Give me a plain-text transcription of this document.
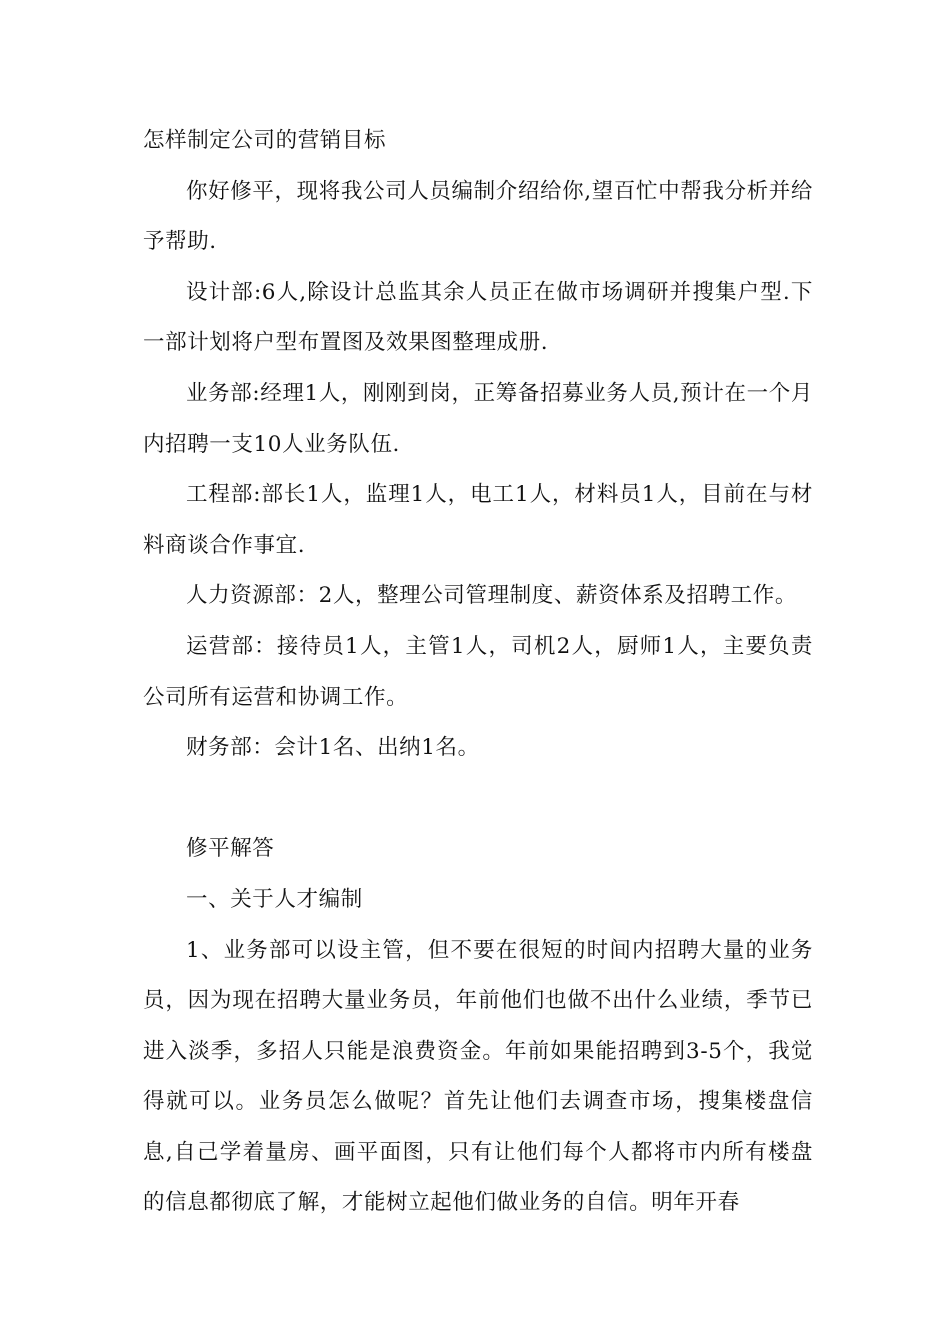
怎样制定公司的营销目标

你好修平，现将我公司人员编制介绍给你,望百忙中帮我分析并给予帮助.

设计部:6人,除设计总监其余人员正在做市场调研并搜集户型.下一部计划将户型布置图及效果图整理成册.

业务部:经理1人，刚刚到岗，正筹备招募业务人员,预计在一个月内招聘一支10人业务队伍.

工程部:部长1人，监理1人，电工1人，材料员1人，目前在与材料商谈合作事宜.

人力资源部：2人，整理公司管理制度、薪资体系及招聘工作。

运营部：接待员1人，主管1人，司机2人，厨师1人，主要负责公司所有运营和协调工作。

财务部：会计1名、出纳1名。

修平解答

一、关于人才编制

1、业务部可以设主管，但不要在很短的时间内招聘大量的业务员，因为现在招聘大量业务员，年前他们也做不出什么业绩，季节已进入淡季，多招人只能是浪费资金。年前如果能招聘到3-5个，我觉得就可以。业务员怎么做呢？首先让他们去调查市场，搜集楼盘信息,自己学着量房、画平面图，只有让他们每个人都将市内所有楼盘的信息都彻底了解，才能树立起他们做业务的自信。明年开春
